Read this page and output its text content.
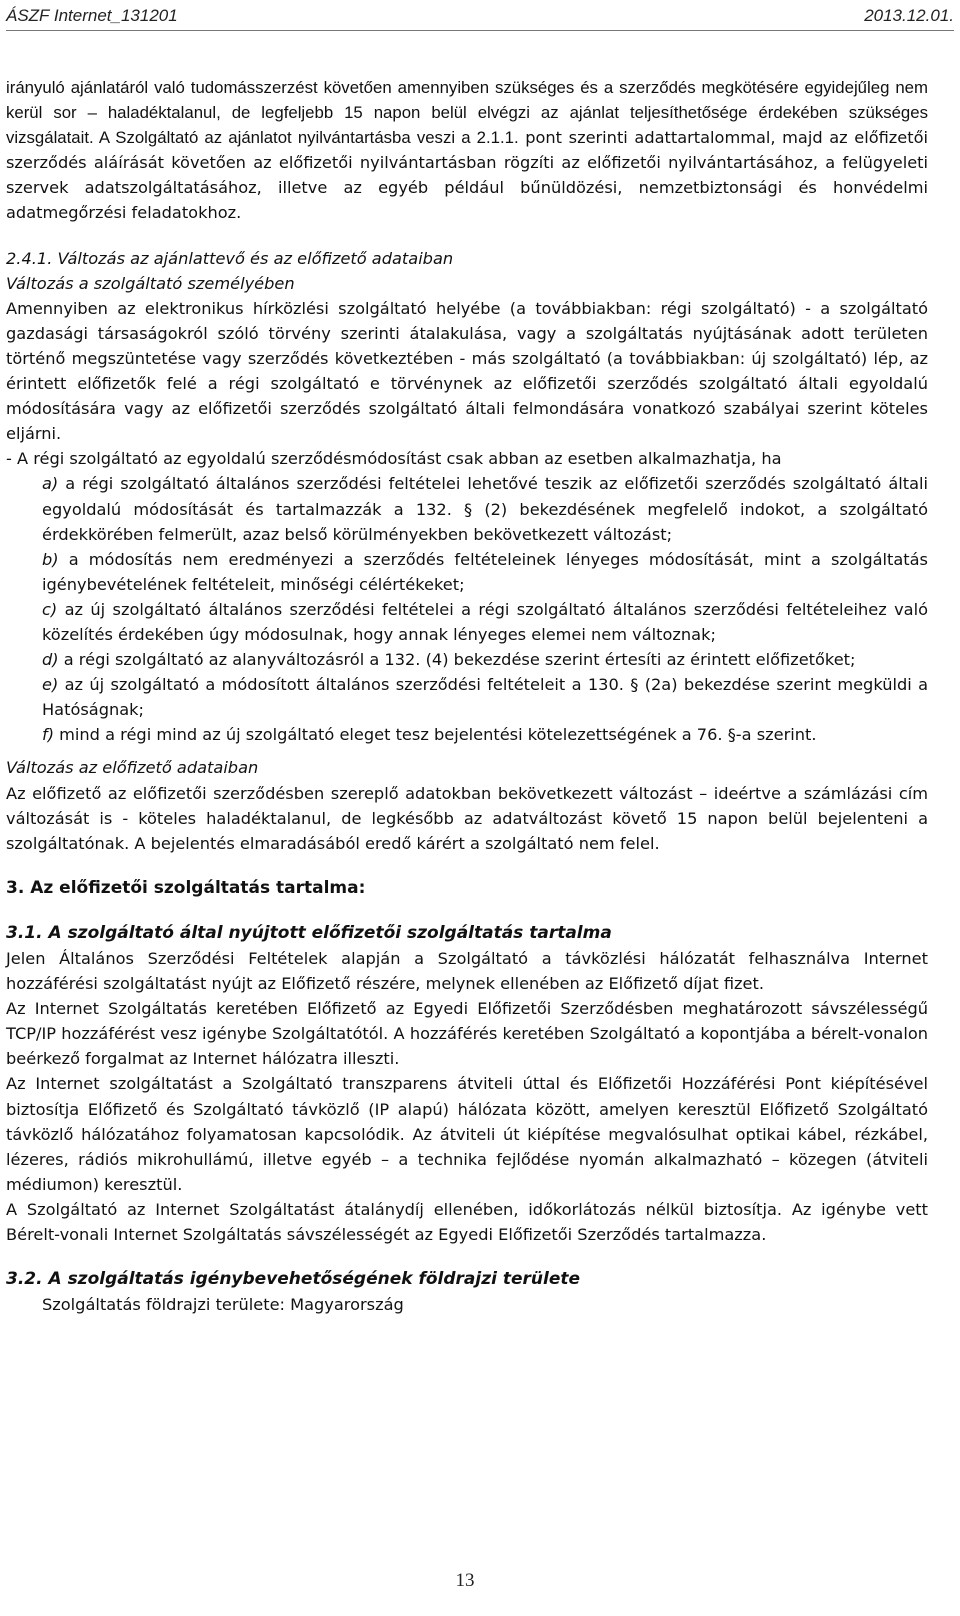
ÁSZF Internet_131201	2013.12.01.

irányuló ajánlatáról való tudomásszerzést követően amennyiben szükséges és a szerződés megkötésére egyidejűleg nem kerül sor – haladéktalanul, de legfeljebb 15 napon belül elvégzi az ajánlat teljesíthetősége érdekében szükséges vizsgálatait. A Szolgáltató az ajánlatot nyilvántartásba veszi a 2.1.1. pont szerinti adattartalommal, majd az előfizetői szerződés aláírását követően az előfizetői nyilvántartásban rögzíti az előfizetői nyilvántartásához, a felügyeleti szervek adatszolgáltatásához, illetve az egyéb például bűnüldözési, nemzetbiztonsági és honvédelmi adatmegőrzési feladatokhoz.

2.4.1. Változás az ajánlattevő és az előfizető adataiban

Változás a szolgáltató személyében

Amennyiben az elektronikus hírközlési szolgáltató helyébe (a továbbiakban: régi szolgáltató) - a szolgáltató gazdasági társaságokról szóló törvény szerinti átalakulása, vagy a szolgáltatás nyújtásának adott területen történő megszüntetése vagy szerződés következtében - más szolgáltató (a továbbiakban: új szolgáltató) lép, az érintett előfizetők felé a régi szolgáltató e törvénynek az előfizetői szerződés szolgáltató általi egyoldalú módosítására vagy az előfizetői szerződés szolgáltató általi felmondására vonatkozó szabályai szerint köteles eljárni.

- A régi szolgáltató az egyoldalú szerződésmódosítást csak abban az esetben alkalmazhatja, ha

a) a régi szolgáltató általános szerződési feltételei lehetővé teszik az előfizetői szerződés szolgáltató általi egyoldalú módosítását és tartalmazzák a 132. § (2) bekezdésének megfelelő indokot, a szolgáltató érdekkörében felmerült, azaz belső körülményekben bekövetkezett változást;
b) a módosítás nem eredményezi a szerződés feltételeinek lényeges módosítását, mint a szolgáltatás igénybevételének feltételeit, minőségi célértékeket;
c) az új szolgáltató általános szerződési feltételei a régi szolgáltató általános szerződési feltételeihez való közelítés érdekében úgy módosulnak, hogy annak lényeges elemei nem változnak;
d) a régi szolgáltató az alanyváltozásról a 132. (4) bekezdése szerint értesíti az érintett előfizetőket;
e) az új szolgáltató a módosított általános szerződési feltételeit a 130. § (2a) bekezdése szerint megküldi a Hatóságnak;
f) mind a régi mind az új szolgáltató eleget tesz bejelentési kötelezettségének a 76. §-a szerint.

Változás az előfizető adataiban

Az előfizető az előfizetői szerződésben szereplő adatokban bekövetkezett változást – ideértve a számlázási cím változását is - köteles haladéktalanul, de legkésőbb az adatváltozást követő 15 napon belül bejelenteni a szolgáltatónak. A bejelentés elmaradásából eredő kárért a szolgáltató nem felel.

3. Az előfizetői szolgáltatás tartalma:

3.1. A szolgáltató által nyújtott előfizetői szolgáltatás tartalma

Jelen Általános Szerződési Feltételek alapján a Szolgáltató a távközlési hálózatát felhasználva Internet hozzáférési szolgáltatást nyújt az Előfizető részére, melynek ellenében az Előfizető díjat fizet.

Az Internet Szolgáltatás keretében Előfizető az Egyedi Előfizetői Szerződésben meghatározott sávszélességű TCP/IP hozzáférést vesz igénybe Szolgáltatótól. A hozzáférés keretében Szolgáltató a kopontjába a bérelt-vonalon beérkező forgalmat az Internet hálózatra illeszti.

Az Internet szolgáltatást a Szolgáltató transzparens átviteli úttal és Előfizetői Hozzáférési Pont kiépítésével biztosítja Előfizető és Szolgáltató távközlő (IP alapú) hálózata között, amelyen keresztül Előfizető Szolgáltató távközlő hálózatához folyamatosan kapcsolódik. Az átviteli út kiépítése megvalósulhat optikai kábel, rézkábel, lézeres, rádiós mikrohullámú, illetve egyéb – a technika fejlődése nyomán alkalmazható – közegen (átviteli médiumon) keresztül.

A Szolgáltató az Internet Szolgáltatást átalánydíj ellenében, időkorlátozás nélkül biztosítja. Az igénybe vett Bérelt-vonali Internet Szolgáltatás sávszélességét az Egyedi Előfizetői Szerződés tartalmazza.

3.2. A szolgáltatás igénybevehetőségének földrajzi területe

Szolgáltatás földrajzi területe: Magyarország

13
